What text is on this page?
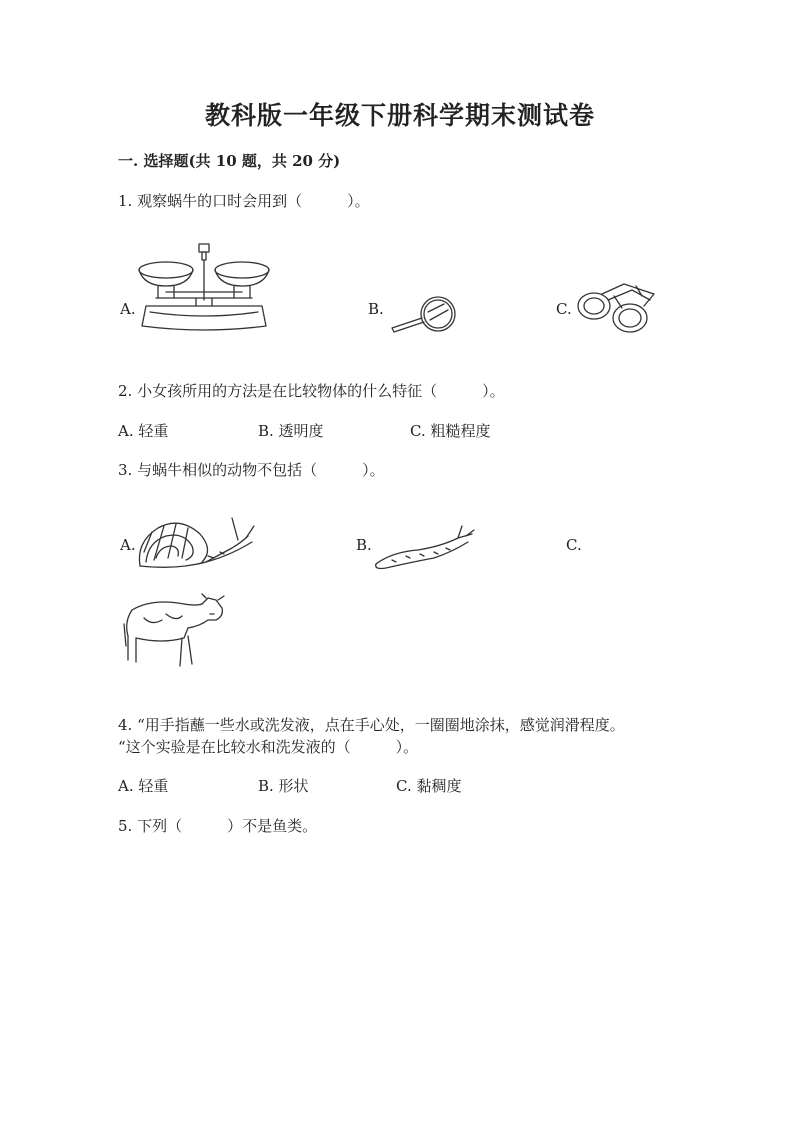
教科版一年级下册科学期末测试卷
一. 选择题(共 10 题，共 20 分)
1. 观察蜗牛的口时会用到（　　　）。
A.	B.	C.
2. 小女孩所用的方法是在比较物体的什么特征（　　　）。
A. 轻重	B. 透明度	C. 粗糙程度
3. 与蜗牛相似的动物不包括（　　　）。
A.	B.	C.
4. “用手指蘸一些水或洗发液，点在手心处，一圈圈地涂抹，感觉润滑程度。
“这个实验是在比较水和洗发液的（　　　）。
A. 轻重	B. 形状	C. 黏稠度
5. 下列（　　　）不是鱼类。
